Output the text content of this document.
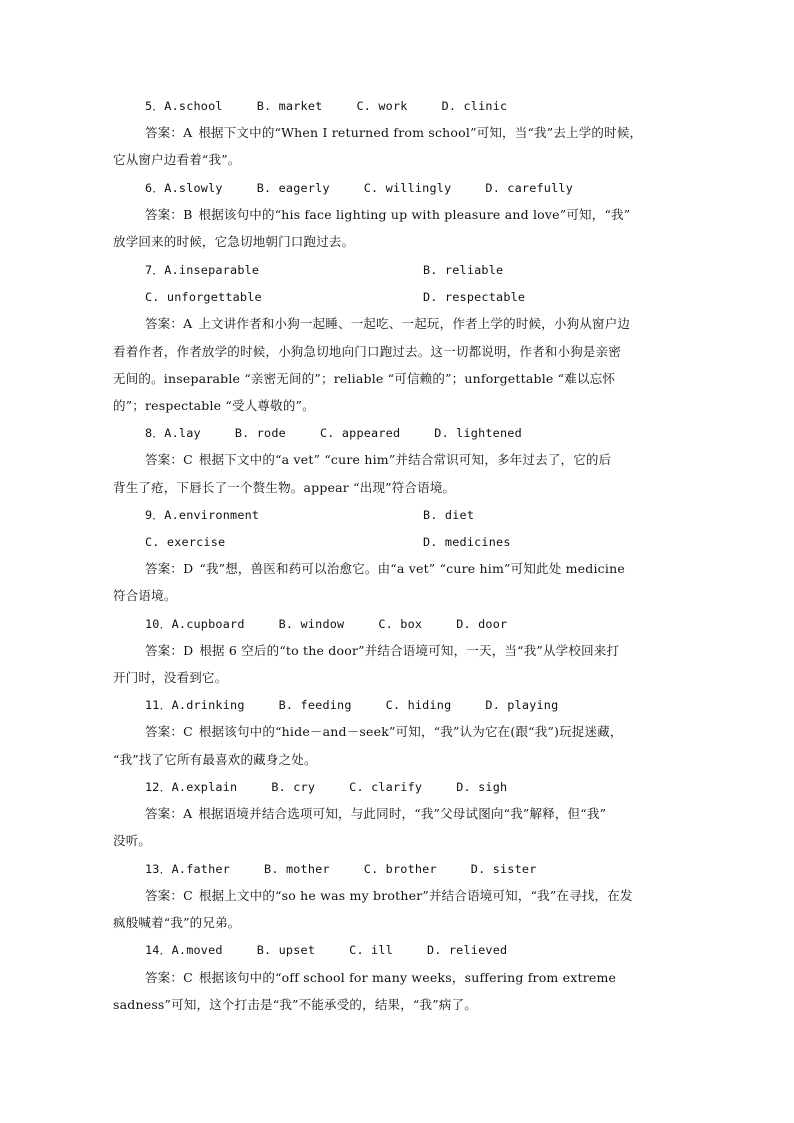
5．A.school	B. market	C. work	D. clinic
答案：A 根据下文中的“When I returned from school”可知，当“我”去上学的时候，
它从窗户边看着“我”。
6．A.slowly	B. eagerly	C. willingly	D. carefully
答案：B 根据该句中的“his face lighting up with pleasure and love”可知，“我”
放学回来的时候，它急切地朝门口跑过去。
7．A.inseparable	B. reliable
C. unforgettable	D. respectable
答案：A 上文讲作者和小狗一起睡、一起吃、一起玩，作者上学的时候，小狗从窗户边
看着作者，作者放学的时候，小狗急切地向门口跑过去。这一切都说明，作者和小狗是亲密
无间的。inseparable “亲密无间的”；reliable “可信赖的”；unforgettable “难以忘怀
的”；respectable “受人尊敬的”。
8．A.lay	B. rode	C. appeared	D. lightened
答案：C 根据下文中的“a vet” “cure him”并结合常识可知，多年过去了，它的后
背生了疮，下唇长了一个赘生物。appear “出现”符合语境。
9．A.environment	B. diet
C. exercise	D. medicines
答案：D “我”想，兽医和药可以治愈它。由“a vet” “cure him”可知此处 medicine
符合语境。
10．A.cupboard	B. window	C. box	D. door
答案：D 根据 6 空后的“to the door”并结合语境可知，一天，当“我”从学校回来打
开门时，没看到它。
11．A.drinking	B. feeding	C. hiding	D. playing
答案：C 根据该句中的“hide－and－seek”可知，“我”认为它在(跟“我”)玩捉迷藏，
“我”找了它所有最喜欢的藏身之处。
12．A.explain	B. cry	C. clarify	D. sigh
答案：A 根据语境并结合选项可知，与此同时，“我”父母试图向“我”解释，但“我”
没听。
13．A.father	B. mother	C. brother	D. sister
答案：C 根据上文中的“so he was my brother”并结合语境可知，“我”在寻找，在发
疯般喊着“我”的兄弟。
14．A.moved	B. upset	C. ill	D. relieved
答案：C 根据该句中的“off school for many weeks，suffering from extreme
sadness”可知，这个打击是“我”不能承受的，结果，“我”病了。
